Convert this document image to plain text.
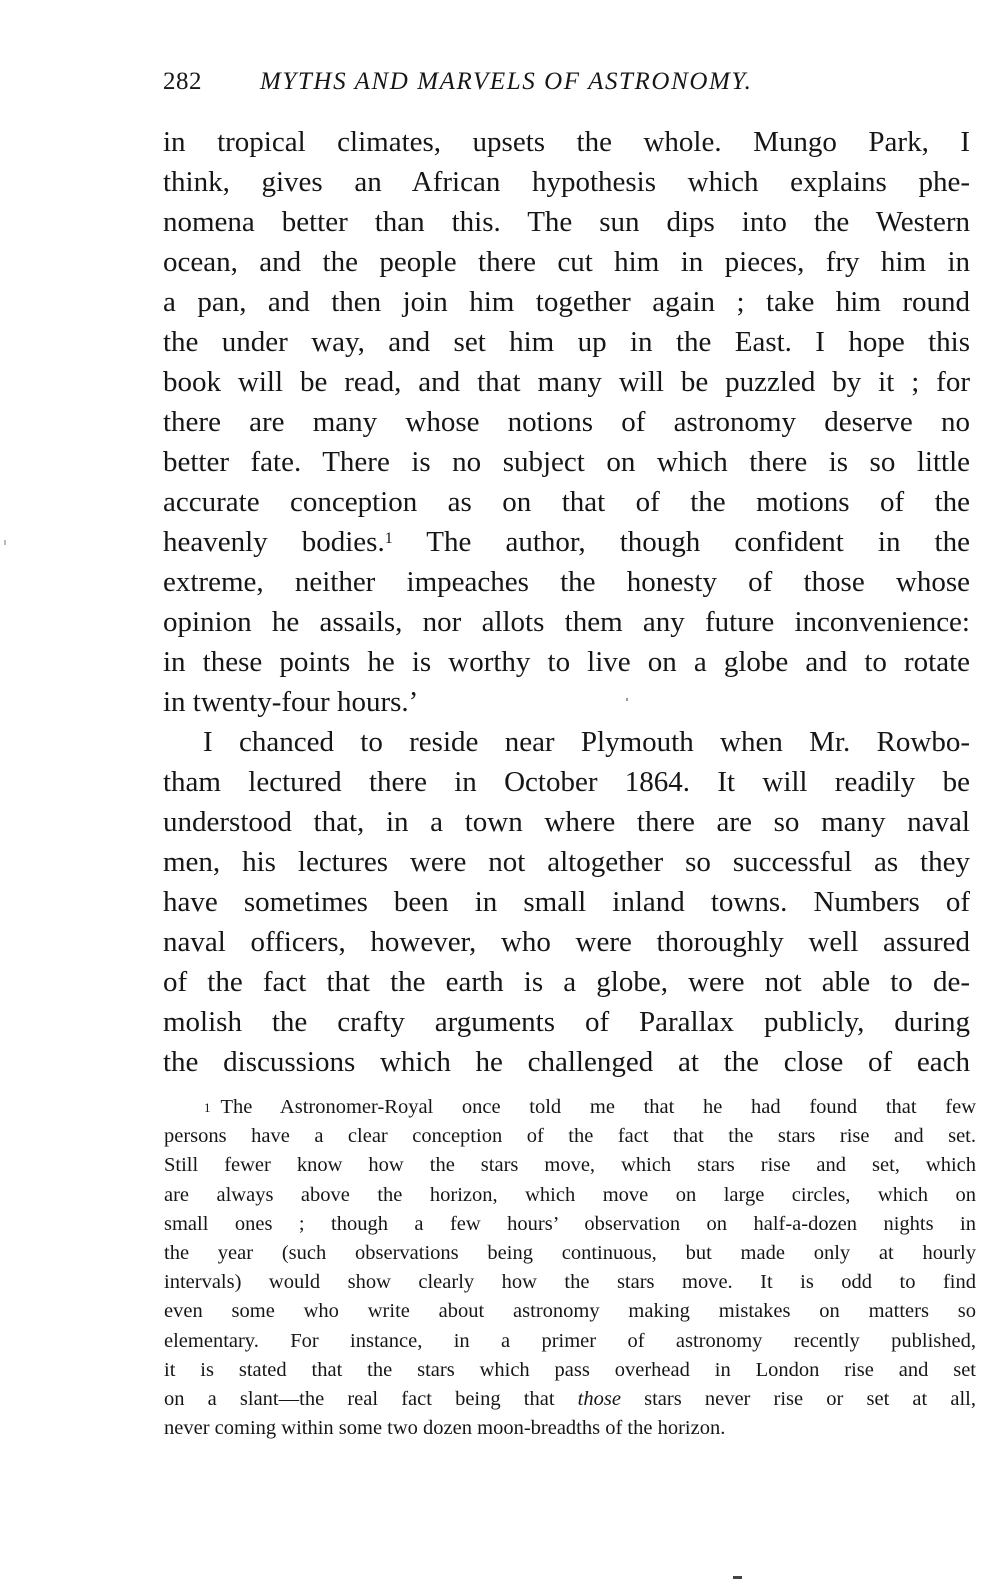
282 MYTHS AND MARVELS OF ASTRONOMY.
in tropical climates, upsets the whole. Mungo Park, I
think, gives an African hypothesis which explains phe-
nomena better than this. The sun dips into the Western
ocean, and the people there cut him in pieces, fry him in
a pan, and then join him together again ; take him round
the under way, and set him up in the East. I hope this
book will be read, and that many will be puzzled by it ; for
there are many whose notions of astronomy deserve no
better fate. There is no subject on which there is so little
accurate conception as on that of the motions of the
heavenly bodies.$^1$ The author, though confident in the
extreme, neither impeaches the honesty of those whose
opinion he assails, nor allots them any future inconvenience:
in these points he is worthy to live on a globe and to rotate
in twenty-four hours.’
I chanced to reside near Plymouth when Mr. Rowbo-
tham lectured there in October 1864. It will readily be
understood that, in a town where there are so many naval
men, his lectures were not altogether so successful as they
have sometimes been in small inland towns. Numbers of
naval officers, however, who were thoroughly well assured
of the fact that the earth is a globe, were not able to de-
molish the crafty arguments of Parallax publicly, during
the discussions which he challenged at the close of each
$^1$ The Astronomer-Royal once told me that he had found that few
persons have a clear conception of the fact that the stars rise and set.
Still fewer know how the stars move, which stars rise and set, which
are always above the horizon, which move on large circles, which on
small ones ; though a few hours’ observation on half-a-dozen nights in
the year (such observations being continuous, but made only at hourly
intervals) would show clearly how the stars move. It is odd to find
even some who write about astronomy making mistakes on matters so
elementary. For instance, in a primer of astronomy recently published,
it is stated that the stars which pass overhead in London rise and set
on a slant—the real fact being that those stars never rise or set at all,
never coming within some two dozen moon-breadths of the horizon.
